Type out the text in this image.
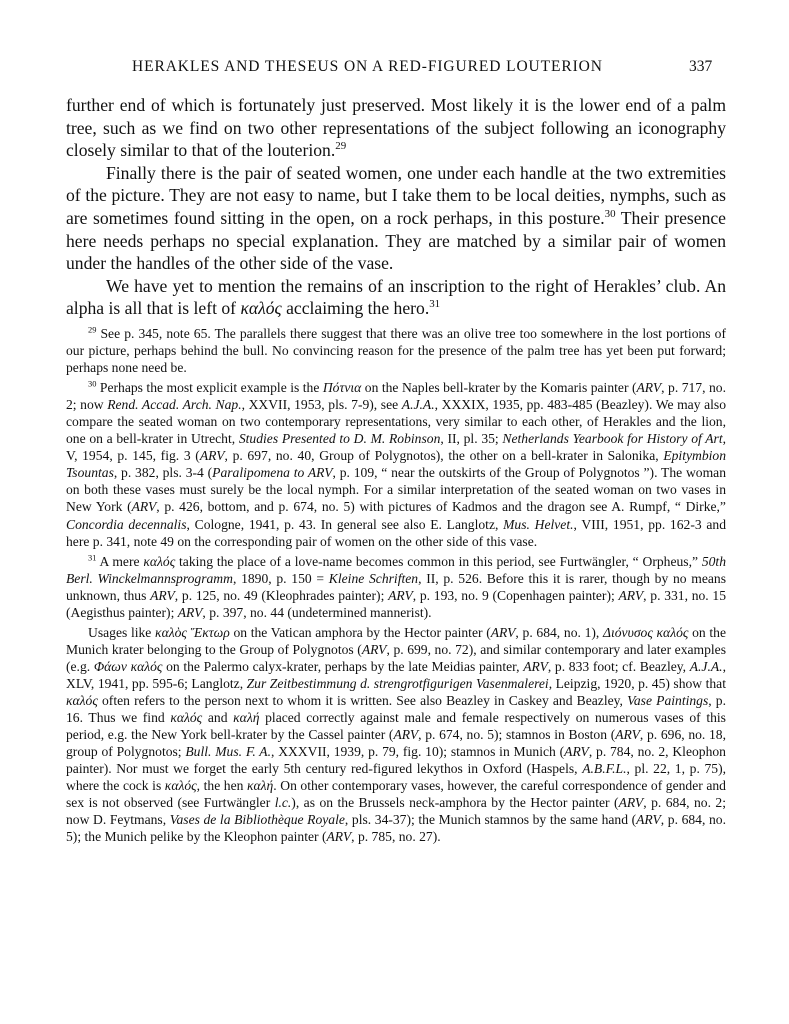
HERAKLES AND THESEUS ON A RED-FIGURED LOUTERION	337

further end of which is fortunately just preserved. Most likely it is the lower end of a palm tree, such as we find on two other representations of the subject following an iconography closely similar to that of the louterion.$^{29}$

Finally there is the pair of seated women, one under each handle at the two extremities of the picture. They are not easy to name, but I take them to be local deities, nymphs, such as are sometimes found sitting in the open, on a rock perhaps, in this posture.$^{30}$ Their presence here needs perhaps no special explanation. They are matched by a similar pair of women under the handles of the other side of the vase.

We have yet to mention the remains of an inscription to the right of Herakles’ club. An alpha is all that is left of καλός acclaiming the hero.$^{31}$

$^{29}$ See p. 345, note 65. The parallels there suggest that there was an olive tree too somewhere in the lost portions of our picture, perhaps behind the bull. No convincing reason for the presence of the palm tree has yet been put forward; perhaps none need be.

$^{30}$ Perhaps the most explicit example is the Πότνια on the Naples bell-krater by the Komaris painter (ARV, p. 717, no. 2; now Rend. Accad. Arch. Nap., XXVII, 1953, pls. 7-9), see A.J.A., XXXIX, 1935, pp. 483-485 (Beazley). We may also compare the seated woman on two contemporary representations, very similar to each other, of Herakles and the lion, one on a bell-krater in Utrecht, Studies Presented to D. M. Robinson, II, pl. 35; Netherlands Yearbook for History of Art, V, 1954, p. 145, fig. 3 (ARV, p. 697, no. 40, Group of Polygnotos), the other on a bell-krater in Salonika, Epitymbion Tsountas, p. 382, pls. 3-4 (Paralipomena to ARV, p. 109, “ near the outskirts of the Group of Polygnotos ”). The woman on both these vases must surely be the local nymph. For a similar interpretation of the seated woman on two vases in New York (ARV, p. 426, bottom, and p. 674, no. 5) with pictures of Kadmos and the dragon see A. Rumpf, “ Dirke,” Concordia decennalis, Cologne, 1941, p. 43. In general see also E. Langlotz, Mus. Helvet., VIII, 1951, pp. 162-3 and here p. 341, note 49 on the corresponding pair of women on the other side of this vase.

$^{31}$ A mere καλός taking the place of a love-name becomes common in this period, see Furtwängler, “ Orpheus,” 50th Berl. Winckelmannsprogramm, 1890, p. 150 = Kleine Schriften, II, p. 526. Before this it is rarer, though by no means unknown, thus ARV, p. 125, no. 49 (Kleophrades painter); ARV, p. 193, no. 9 (Copenhagen painter); ARV, p. 331, no. 15 (Aegisthus painter); ARV, p. 397, no. 44 (undetermined mannerist).

Usages like καλὸς Ἕκτωρ on the Vatican amphora by the Hector painter (ARV, p. 684, no. 1), Διόνυσος καλός on the Munich krater belonging to the Group of Polygnotos (ARV, p. 699, no. 72), and similar contemporary and later examples (e.g. Φάων καλός on the Palermo calyx-krater, perhaps by the late Meidias painter, ARV, p. 833 foot; cf. Beazley, A.J.A., XLV, 1941, pp. 595-6; Langlotz, Zur Zeitbestimmung d. strengrotfigurigen Vasenmalerei, Leipzig, 1920, p. 45) show that καλός often refers to the person next to whom it is written. See also Beazley in Caskey and Beazley, Vase Paintings, p. 16. Thus we find καλός and καλή placed correctly against male and female respectively on numerous vases of this period, e.g. the New York bell-krater by the Cassel painter (ARV, p. 674, no. 5); stamnos in Boston (ARV, p. 696, no. 18, group of Polygnotos; Bull. Mus. F. A., XXXVII, 1939, p. 79, fig. 10); stamnos in Munich (ARV, p. 784, no. 2, Kleophon painter). Nor must we forget the early 5th century red-figured lekythos in Oxford (Haspels, A.B.F.L., pl. 22, 1, p. 75), where the cock is καλός, the hen καλή. On other contemporary vases, however, the careful correspondence of gender and sex is not observed (see Furtwängler l.c.), as on the Brussels neck-amphora by the Hector painter (ARV, p. 684, no. 2; now D. Feytmans, Vases de la Bibliothèque Royale, pls. 34-37); the Munich stamnos by the same hand (ARV, p. 684, no. 5); the Munich pelike by the Kleophon painter (ARV, p. 785, no. 27).
